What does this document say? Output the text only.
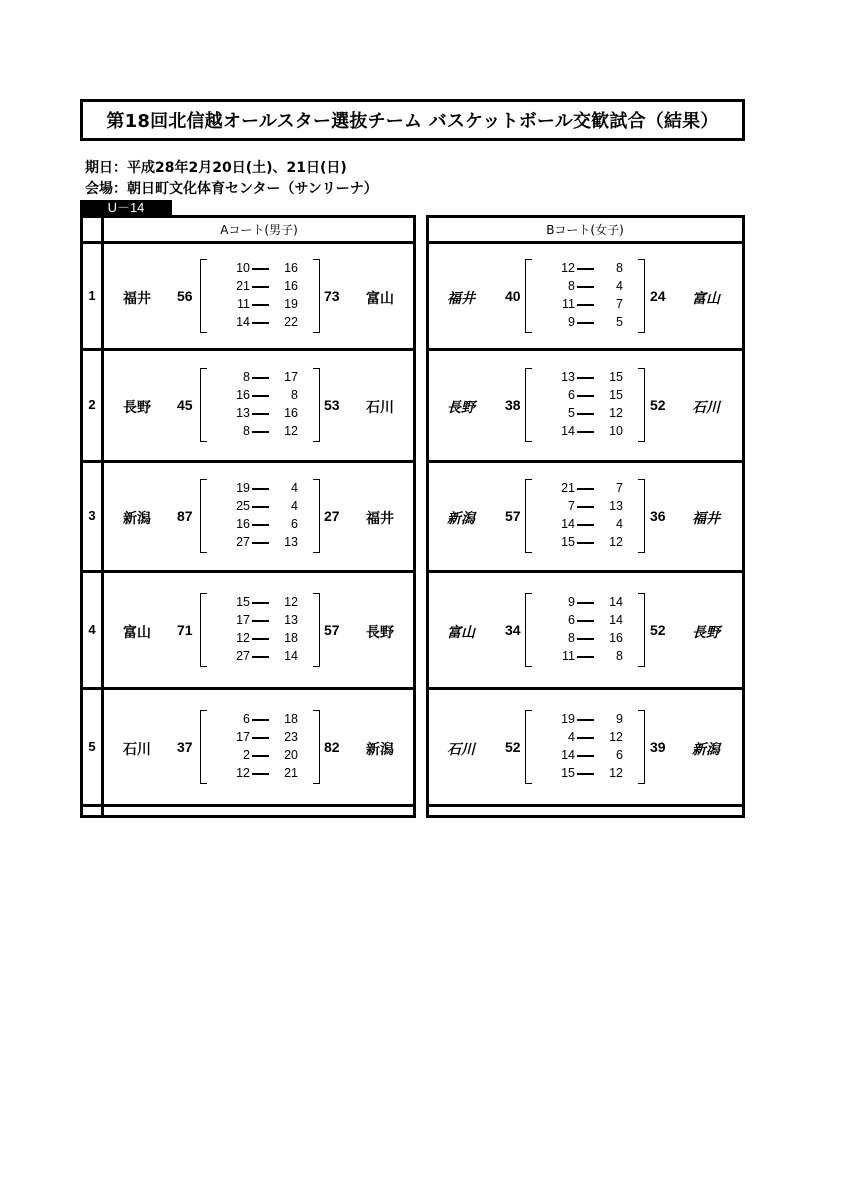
第18回北信越オールスター選抜チーム バスケットボール交歓試合（結果）
期日：平成28年2月20日(土)、21日(日)
会場：朝日町文化体育センター（サンリーナ）
U－14
Aコート(男子)	Bコート(女子)
1	福井 56	73 富山
10	16
21	16
11	19
14	22
福井 40	24 富山
12	8
8	4
11	7
9	5
2	長野 45	53 石川
8	17
16	8
13	16
8	12
長野 38	52 石川
13	15
6	15
5	12
14	10
3	新潟 87	27 福井
19	4
25	4
16	6
27	13
新潟 57	36 福井
21	7
7	13
14	4
15	12
4	富山 71	57 長野
15	12
17	13
12	18
27	14
富山 34	52 長野
9	14
6	14
8	16
11	8
5	石川 37	82 新潟
6	18
17	23
2	20
12	21
石川 52	39 新潟
19	9
4	12
14	6
15	12
